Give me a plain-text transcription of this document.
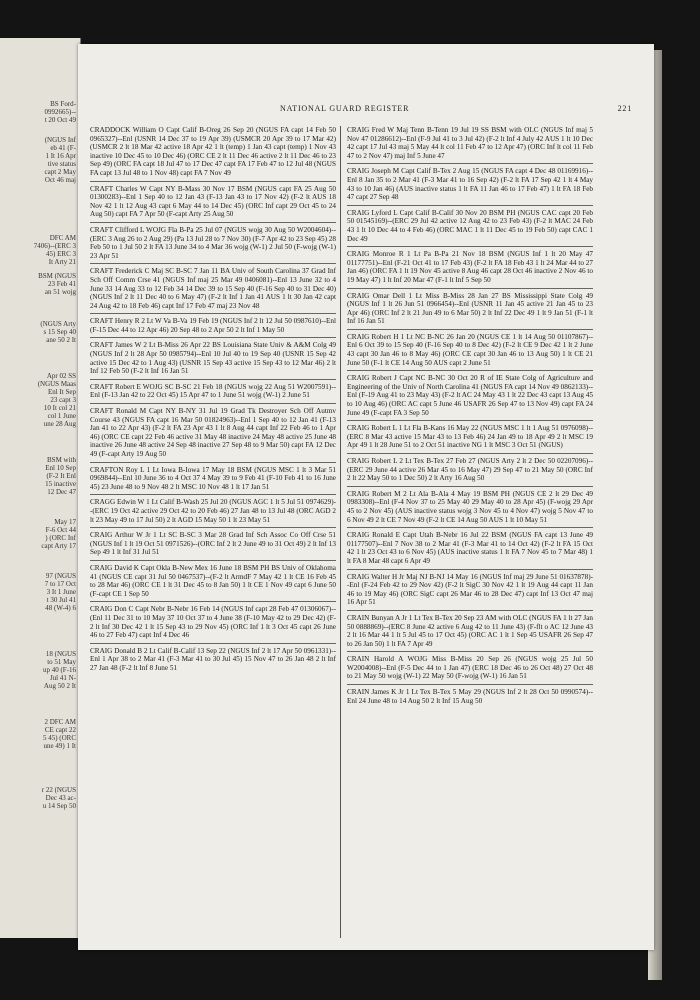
BS Ford-
0992665)--
t 20 Oct 49
(NGUS Inf
eb 41 (F-
1 It 16 Apr
tive status
capt 2 May
Oct 46 maj
DFC AM
7406)--(ERC 3
45) ERC 3
It Arty 21
BSM (NGUS
23 Feb 41
an 51 wojg
(NGUS Arty
s 15 Sep 40
ane 50 2 It
Apr 02 SS
(NGUS Maas
Enl It Sep
23 capt 3
10 It col 21
col 1 June
une 28 Aug
BSM with
Enl 10 Sep
(F-2 It Enl
15 inactive
12 Dec 47
May 17
F-6 Oct 44
) (ORC Inf
capt Arty 17
97 (NGUS
7 to 17 Oct
3 It 1 June
t 30 Jul 41
48 (W-4) 6
18 (NGUS
to 51 May
up 40 (F-16
Jul 41 N-
Aug 50 2 It
2 DFC AM
CE capt 22
5 45) (ORC
une 49) 1 It
r 22 (NGUS
Dec 43 ac-
u 14 Sep 50
NATIONAL GUARD REGISTER	221
CRADDOCK William O Capt Calif B-Oreg 26 Sep 20 (NGUS FA capt 14 Feb 50 0965327)--Enl (USNR 14 Dec 37 to 19 Apr 39) (USMCR 20 Apr 39 to 17 Mar 42) (USMCR 2 lt 18 Mar 42 active 18 Apr 42 1 lt (temp) 1 Jan 43 capt (temp) 1 Nov 43 inactive 10 Dec 45 to 10 Dec 46) (ORC CE 2 lt 11 Dec 46 active 2 lt 11 Dec 46 to 23 Sep 49) (ORC FA capt 18 Jul 47 to 17 Dec 47 capt FA 17 Feb 47 to 12 Jul 48 (NGUS FA capt 13 Jul 48 to 1 Nov 48) capt FA 7 Nov 49
CRAFT Charles W Capt NY B-Mass 30 Nov 17 BSM (NGUS capt FA 25 Aug 50 01300283)--Enl 1 Sep 40 to 12 Jan 43 (F-13 Jan 43 to 17 Nov 42) (F-2 lt AUS 18 Nov 42 1 lt 12 Aug 43 capt 6 May 44 to 14 Dec 45) (ORC Inf capt 29 Oct 45 to 24 Aug 50) capt FA 7 Apr 50 (F-capt Arty 25 Aug 50
CRAFT Clifford L WOJG Fla B-Pa 25 Jul 07 (NGUS wojg 30 Aug 50 W2004604)--(ERC 3 Aug 26 to 2 Aug 29) (Pa 13 Jul 28 to 7 Nov 30) (F-7 Apr 42 to 23 Sep 45) 28 Feb 50 to 1 Jul 50 2 lt FA 13 June 34 to 4 Mar 36 wojg (W-1) 2 Jul 50 (F-wojg (W-1) 23 Apr 51
CRAFT Frederick C Maj SC B-SC 7 Jan 11 BA Univ of South Carolina 37 Grad Inf Sch Off Comm Crse 41 (NGUS Inf maj 25 Mar 49 0406081)--Enl 13 June 32 to 4 June 33 14 Aug 33 to 12 Feb 34 14 Dec 39 to 15 Sep 40 (F-16 Sep 40 to 31 Dec 40) (NGUS Inf 2 lt 11 Dec 40 to 6 May 47) (F-2 lt Inf 1 Jan 41 AUS 1 lt 30 Jan 42 capt 24 Aug 42 to 18 Feb 46) capt Inf 17 Feb 47 maj 23 Nov 48
CRAFT Henry R 2 Lt W Va B-Va 19 Feb 19 (NGUS Inf 2 lt 12 Jul 50 0987610)--Enl (F-15 Dec 44 to 12 Apr 46) 20 Sep 48 to 2 Apr 50 2 lt Inf 1 May 50
CRAFT James W 2 Lt B-Miss 26 Apr 22 BS Louisiana State Univ & A&M Colg 49 (NGUS Inf 2 lt 28 Apr 50 0985794)--Enl 10 Jul 40 to 19 Sep 40 (USNR 15 Sep 42 active 15 Dec 42 to 1 Aug 43) (USNR 15 Sep 43 active 15 Sep 43 to 12 Mar 46) 2 lt Inf 12 Feb 50 (F-2 lt Inf 16 Jan 51
CRAFT Robert E WOJG SC B-SC 21 Feb 18 (NGUS wojg 22 Aug 51 W2007591)--Enl (F-13 Jan 42 to 22 Oct 45) 15 Apr 47 to 1 June 51 wojg (W-1) 2 June 51
CRAFT Ronald M Capt NY B-NY 31 Jul 19 Grad Tk Destroyer Sch Off Autmv Course 43 (NGUS FA capt 16 Mar 50 01824963)--Enl 1 Sep 40 to 12 Jan 41 (F-13 Jan 41 to 22 Apr 43) (F-2 lt FA 23 Apr 43 1 lt 8 Aug 44 capt Inf 22 Feb 46 to 1 Apr 46) (ORC CE capt 22 Feb 46 active 31 May 48 inactive 24 May 48 active 25 June 48 inactive 26 June 48 active 24 Sep 48 inactive 27 Sep 48 to 9 Mar 50) capt FA 12 Dec 49 (F-capt Arty 19 Aug 50
CRAFTON Roy L 1 Lt Iowa B-Iowa 17 May 18 BSM (NGUS MSC 1 lt 3 Mar 51 0969844)--Enl 10 June 36 to 4 Oct 37 4 May 39 to 9 Feb 41 (F-10 Feb 41 to 16 June 45) 23 June 48 to 9 Nov 48 2 lt MSC 10 Nov 48 1 lt 17 Jan 51
CRAGG Edwin W 1 Lt Calif B-Wash 25 Jul 20 (NGUS AGC 1 lt 5 Jul 51 0974629)--(ERC 19 Oct 42 active 29 Oct 42 to 20 Feb 46) 27 Jan 48 to 13 Jul 48 (ORC AGD 2 lt 23 May 49 to 17 Jul 50) 2 lt AGD 15 May 50 1 lt 23 May 51
CRAIG Arthur W Jr 1 Lt SC B-SC 3 Mar 28 Grad Inf Sch Assoc Co Off Crse 51 (NGUS Inf 1 lt 19 Oct 51 0971526)--(ORC Inf 2 lt 2 June 49 to 31 Oct 49) 2 lt Inf 13 Sep 49 1 lt Inf 31 Jul 51
CRAIG David K Capt Okla B-New Mex 16 June 18 BSM PH BS Univ of Oklahoma 41 (NGUS CE capt 31 Jul 50 0467537)--(F-2 lt ArmdF 7 May 42 1 lt CE 16 Feb 45 to 28 Mar 46) (ORC CE 1 lt 31 Dec 45 to 8 Jan 50) 1 lt CE 1 Nov 49 capt 6 June 50 (F-capt CE 1 Sep 50
CRAIG Don C Capt Nebr B-Nebr 16 Feb 14 (NGUS Inf capt 28 Feb 47 01306067)--(Enl 11 Dec 31 to 10 May 37 10 Oct 37 to 4 June 38 (F-10 May 42 to 29 Dec 42) (F-2 lt Inf 30 Dec 42 1 lt 15 Sep 43 to 29 Nov 45) (ORC Inf 1 lt 3 Oct 45 capt 26 June 46 to 27 Feb 47) capt Inf 4 Dec 46
CRAIG Donald B 2 Lt Calif B-Calif 13 Sep 22 (NGUS Inf 2 lt 17 Apr 50 0961331)--Enl 1 Apr 38 to 2 Mar 41 (F-3 Mar 41 to 30 Jul 45) 15 Nov 47 to 26 Jan 48 2 lt Inf 27 Jan 48 (F-2 lt Inf 8 June 51
CRAIG Fred W Maj Tenn B-Tenn 19 Jul 19 SS BSM with OLC (NGUS Inf maj 5 Nov 47 01286612)--Enl (F-9 Jul 41 to 3 Jul 42) (F-2 lt Inf 4 July 42 AUS 1 lt 10 Dec 42 capt 17 Jul 43 maj 5 May 44 lt col 11 Feb 47 to 12 Apr 47) (ORC Inf lt col 11 Feb 47 to 2 Nov 47) maj Inf 5 June 47
CRAIG Joseph M Capt Calif B-Tex 2 Aug 15 (NGUS FA capt 4 Dec 48 01169916)--Enl 8 Jan 35 to 2 Mar 41 (F-3 Mar 41 to 16 Sep 42) (F-2 lt FA 17 Sep 42 1 lt 4 May 43 to 10 Jan 46) (AUS inactive status 1 lt FA 11 Jan 46 to 17 Feb 47) 1 lt FA 18 Feb 47 capt 27 Sep 48
CRAIG Lyford L Capt Calif B-Calif 30 Nov 20 BSM PH (NGUS CAC capt 20 Feb 50 01545169)--(ERC 29 Jul 42 active 12 Aug 42 to 23 Feb 43) (F-2 lt MAC 24 Feb 43 1 lt 10 Dec 44 to 4 Feb 46) (ORC MAC 1 lt 11 Dec 45 to 19 Feb 50) capt CAC 1 Dec 49
CRAIG Monroe R 1 Lt Pa B-Pa 21 Nov 18 BSM (NGUS Inf 1 lt 20 May 47 01177751)--Enl (F-21 Oct 41 to 17 Feb 43) (F-2 lt FA 18 Feb 43 1 lt 24 Mar 44 to 27 Jan 46) (ORC FA 1 lt 19 Nov 45 active 8 Aug 46 capt 28 Oct 46 inactive 2 Nov 46 to 19 May 47) 1 lt Inf 20 Mar 47 (F-1 lt Inf 5 Sep 50
CRAIG Omar Dell 1 Lt Miss B-Miss 28 Jan 27 BS Mississippi State Colg 49 (NGUS Inf 1 lt 26 Jun 51 0966454)--Enl (USNR 11 Jan 45 active 21 Jan 45 to 23 Apr 46) (ORC Inf 2 lt 21 Jun 49 to 6 Mar 50) 2 lt Inf 22 Dec 49 1 lt 9 Jan 51 (F-1 lt Inf 16 Jan 51
CRAIG Robert H 1 Lt NC B-NC 26 Jan 20 (NGUS CE 1 lt 14 Aug 50 01107867)--Enl 6 Oct 39 to 15 Sep 40 (F-16 Sep 40 to 8 Dec 42) (F-2 lt CE 9 Dec 42 1 lt 2 June 43 capt 30 Jan 46 to 8 May 46) (ORC CE capt 30 Jan 46 to 13 Aug 50) 1 lt CE 21 June 50 (F-1 lt CE 14 Aug 50 AUS capt 2 June 51
CRAIG Robert J Capt NC B-NC 30 Oct 20 R of IE State Colg of Agriculture and Engineering of the Univ of North Carolina 41 (NGUS FA capt 14 Nov 49 0862133)--Enl (F-19 Aug 41 to 23 May 43) (F-2 lt AC 24 May 43 1 lt 22 Dec 43 capt 13 Aug 45 to 10 Aug 46) (ORC AC capt 5 June 46 USAFR 26 Sep 47 to 13 Nov 49) capt FA 24 June 49 (F-capt FA 3 Sep 50
CRAIG Robert L 1 Lt Fla B-Kans 16 May 22 (NGUS MSC 1 lt 1 Aug 51 0976098)--(ERC 8 Mar 43 active 15 Mar 43 to 13 Feb 46) 24 Jan 49 to 18 Apr 49 2 lt MSC 19 Apr 49 1 lt 28 June 51 to 2 Oct 51 inactive NG 1 lt MSC 3 Oct 51 (NGUS)
CRAIG Robert L 2 Lt Tex B-Tex 27 Feb 27 (NGUS Arty 2 lt 2 Dec 50 02207096)--(ERC 29 June 44 active 26 Mar 45 to 16 May 47) 29 Sep 47 to 21 May 50 (ORC Inf 2 lt 22 May 50 to 1 Dec 50) 2 lt Arty 16 Aug 50
CRAIG Robert M 2 Lt Ala B-Ala 4 May 19 BSM PH (NGUS CE 2 lt 29 Dec 49 0983308)--Enl (F-4 Nov 37 to 25 May 40 29 May 40 to 28 Apr 45) (F-wojg 29 Apr 45 to 2 Nov 45) (AUS inactive status wojg 3 Nov 45 to 4 Nov 47) wojg 5 Nov 47 to 6 Nov 49 2 lt CE 7 Nov 49 (F-2 lt CE 14 Aug 50 AUS 1 lt 10 May 51
CRAIG Ronald E Capt Utah B-Nebr 16 Jul 22 BSM (NGUS FA capt 13 June 49 01177507)--Enl 7 Nov 38 to 2 Mar 41 (F-3 Mar 41 to 14 Oct 42) (F-2 lt FA 15 Oct 42 1 lt 23 Oct 43 to 6 Nov 45) (AUS inactive status 1 lt FA 7 Nov 45 to 7 Mar 48) 1 lt FA 8 Mar 48 capt 6 Apr 49
CRAIG Walter H Jr Maj NJ B-NJ 14 May 16 (NGUS Inf maj 29 June 51 01637878)--Enl (F-24 Feb 42 to 29 Nov 42) (F-2 lt SigC 30 Nov 42 1 lt 19 Aug 44 capt 11 Jan 46 to 19 May 46) (ORC SigC capt 26 Mar 46 to 28 Dec 47) capt Inf 13 Oct 47 maj 16 Apr 51
CRAIN Bunyan A Jr 1 Lt Tex B-Tex 20 Sep 23 AM with OLC (NGUS FA 1 lt 27 Jan 50 0888869)--(ERC 8 June 42 active 6 Aug 42 to 11 June 43) (F-flt o AC 12 June 43 2 lt 16 Mar 44 1 lt 5 Jul 45 to 17 Oct 45) (ORC AC 1 lt 1 Sep 45 USAFR 26 Sep 47 to 26 Jan 50) 1 lt FA 7 Apr 49
CRAIN Harold A WOJG Miss B-Miss 20 Sep 26 (NGUS wojg 25 Jul 50 W2004008)--Enl (F-5 Dec 44 to 1 Jan 47) (ERC 18 Dec 46 to 26 Oct 48) 27 Oct 48 to 21 May 50 wojg (W-1) 22 May 50 (F-wojg (W-1) 16 Jan 51
CRAIN James K Jr 1 Lt Tex B-Tex 5 May 29 (NGUS Inf 2 lt 28 Oct 50 0990574)--Enl 24 June 48 to 14 Aug 50 2 lt Inf 15 Aug 50
